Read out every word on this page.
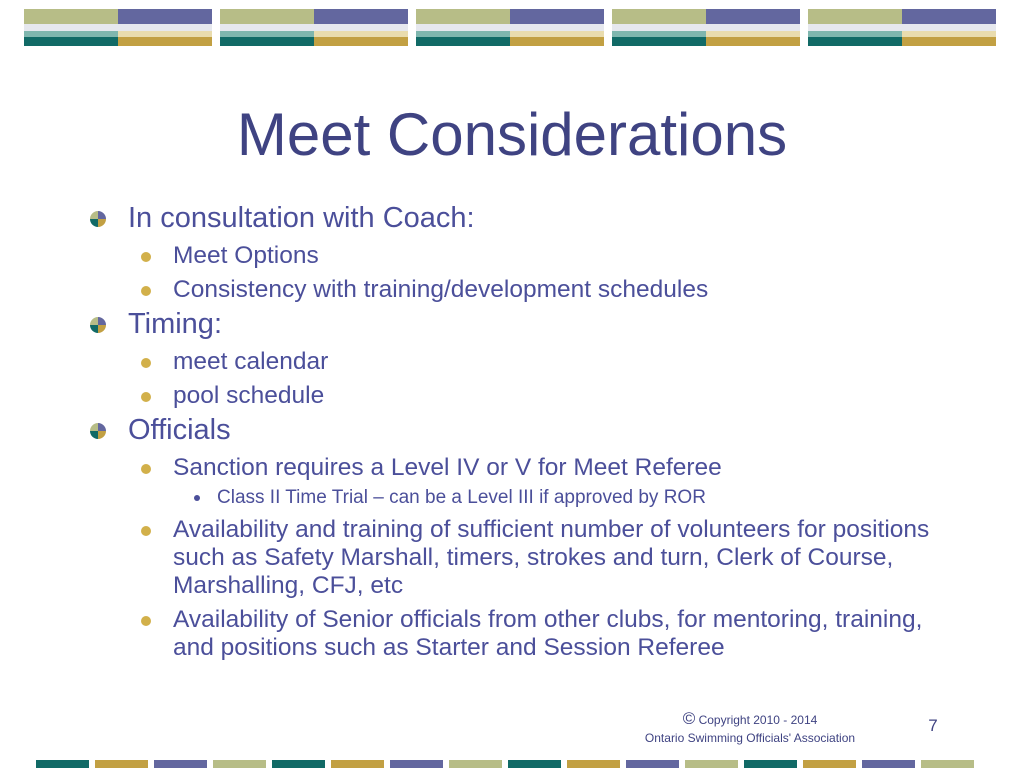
Meet Considerations
In consultation with Coach:
Meet Options
Consistency with training/development schedules
Timing:
meet calendar
pool schedule
Officials
Sanction requires a Level IV or V for Meet Referee
Class II Time Trial – can be a Level III if approved by ROR
Availability and training of sufficient number of volunteers for positions such as Safety Marshall, timers, strokes and turn, Clerk of Course, Marshalling, CFJ, etc
Availability of Senior officials from other clubs, for mentoring, training, and positions such as Starter and Session Referee
© Copyright 2010 - 2014
Ontario Swimming Officials' Association
7
